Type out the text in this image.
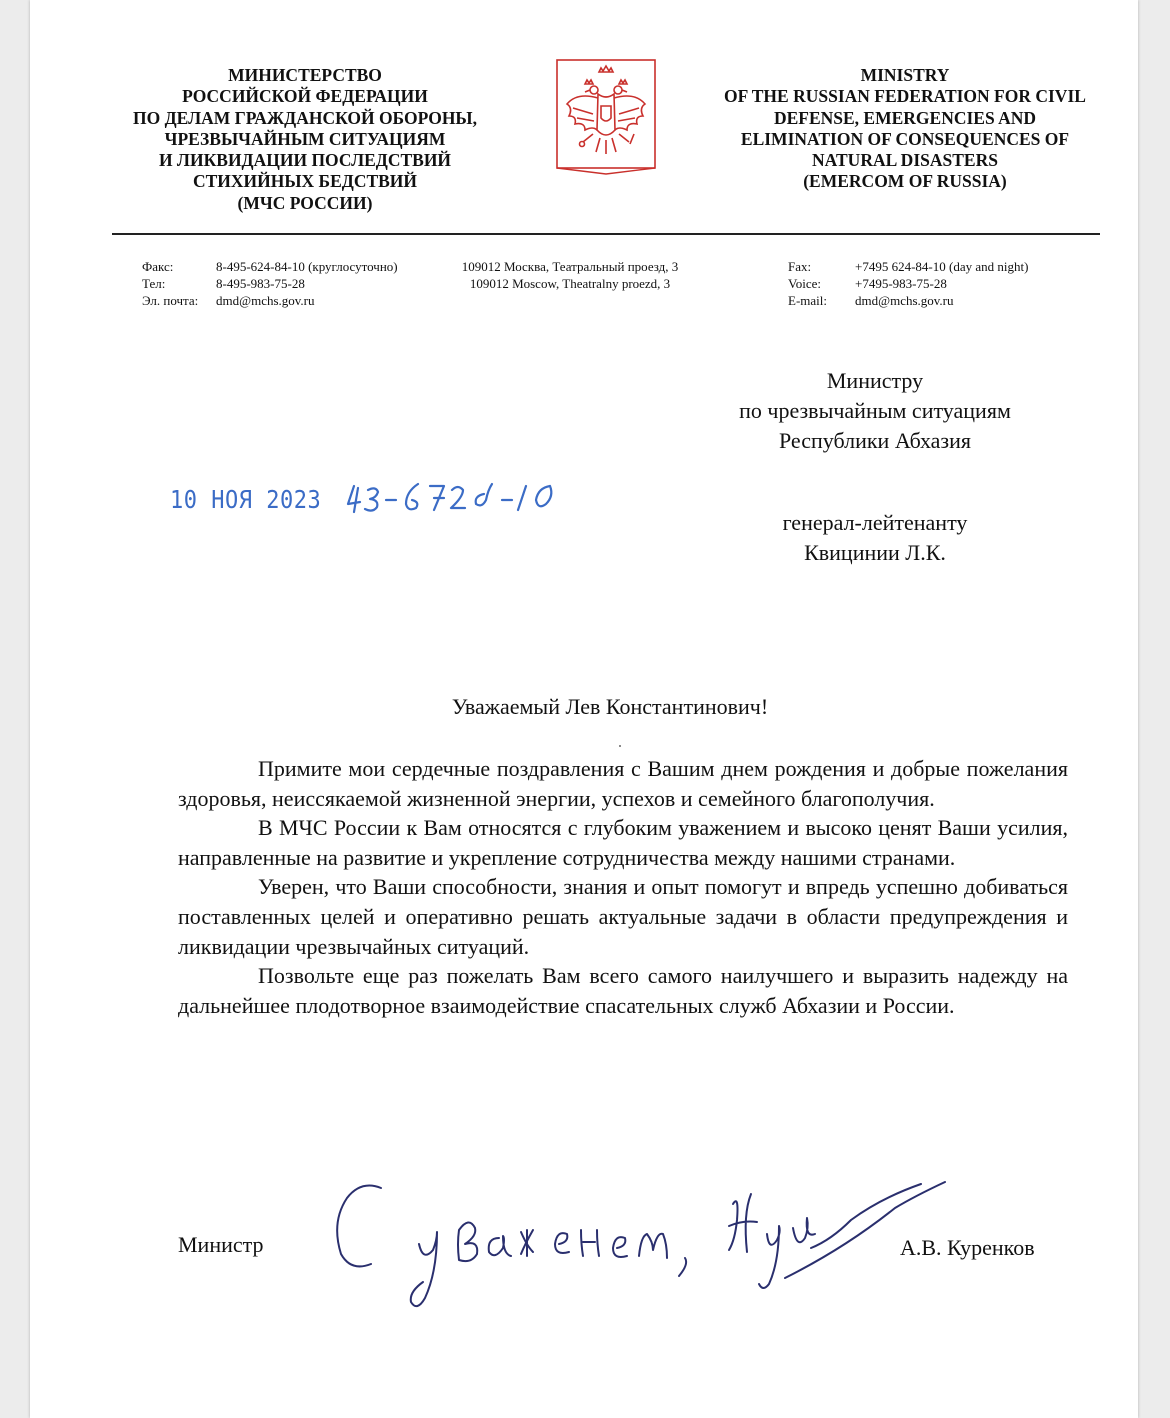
МИНИСТЕРСТВО
РОССИЙСКОЙ ФЕДЕРАЦИИ
ПО ДЕЛАМ ГРАЖДАНСКОЙ ОБОРОНЫ,
ЧРЕЗВЫЧАЙНЫМ СИТУАЦИЯМ
И ЛИКВИДАЦИИ ПОСЛЕДСТВИЙ
СТИХИЙНЫХ БЕДСТВИЙ
(МЧС РОССИИ)
MINISTRY
OF THE RUSSIAN FEDERATION FOR CIVIL
DEFENSE, EMERGENCIES AND
ELIMINATION OF CONSEQUENCES OF
NATURAL DISASTERS
(EMERCOM OF RUSSIA)
Факс:	8-495-624-84-10 (круглосуточно)
Тел:	8-495-983-75-28
Эл. почта: dmd@mchs.gov.ru
109012 Москва, Театральный проезд, 3
109012 Moscow, Theatralny proezd, 3
Fax:	+7495 624-84-10 (day and night)
Voice:	+7495-983-75-28
E-mail: dmd@mchs.gov.ru
Министру
по чрезвычайным ситуациям
Республики Абхазия
генерал-лейтенанту
Квицинии Л.К.
10 НОЯ 2023
Уважаемый Лев Константинович!

Примите мои сердечные поздравления с Вашим днем рождения и добрые пожелания здоровья, неиссякаемой жизненной энергии, успехов и семейного благополучия.

В МЧС России к Вам относятся с глубоким уважением и высоко ценят Ваши усилия, направленные на развитие и укрепление сотрудничества между нашими странами.

Уверен, что Ваши способности, знания и опыт помогут и впредь успешно добиваться поставленных целей и оперативно решать актуальные задачи в области предупреждения и ликвидации чрезвычайных ситуаций.

Позвольте еще раз пожелать Вам всего самого наилучшего и выразить надежду на дальнейшее плодотворное взаимодействие спасательных служб Абхазии и России.

Министр	А.В. Куренков
